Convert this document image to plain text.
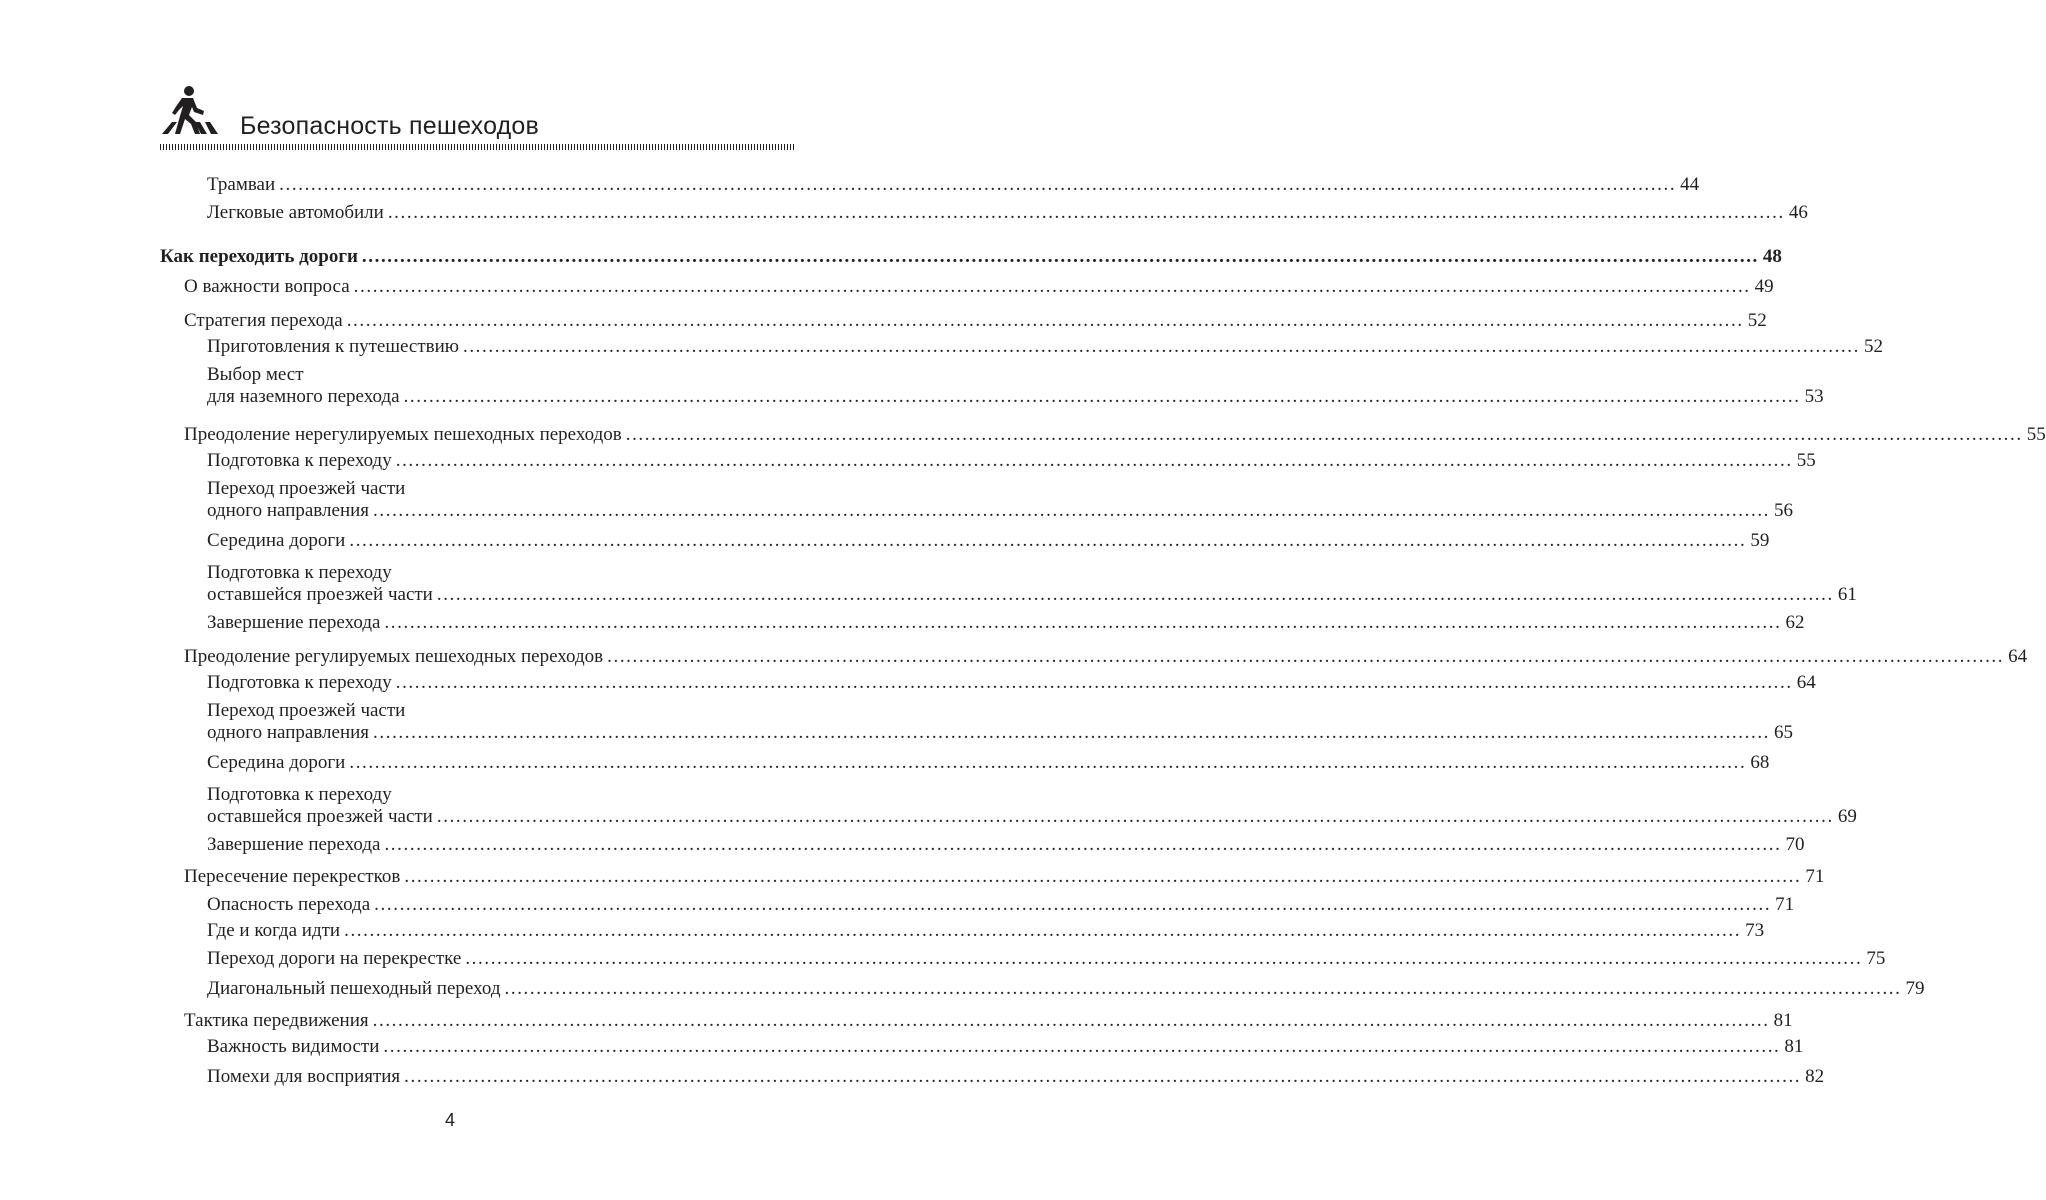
Безопасность пешеходов
Трамваи ............................................................................................................................................................................................................................ 44
Легковые автомобили ............................................................................................................................................................................................................................ 46
Как переходить дороги ............................................................................................................................................................................................................................ 48
О важности вопроса ............................................................................................................................................................................................................................ 49
Стратегия перехода ............................................................................................................................................................................................................................ 52
Приготовления к путешествию ............................................................................................................................................................................................................................ 52
Выбор мест
для наземного перехода ............................................................................................................................................................................................................................ 53
Преодоление нерегулируемых пешеходных переходов ............................................................................................................................................................................................................................ 55
Подготовка к переходу ............................................................................................................................................................................................................................ 55
Переход проезжей части
одного направления ............................................................................................................................................................................................................................ 56
Середина дороги ............................................................................................................................................................................................................................ 59
Подготовка к переходу
оставшейся проезжей части ............................................................................................................................................................................................................................ 61
Завершение перехода ............................................................................................................................................................................................................................ 62
Преодоление регулируемых пешеходных переходов ............................................................................................................................................................................................................................ 64
Подготовка к переходу ............................................................................................................................................................................................................................ 64
Переход проезжей части
одного направления ............................................................................................................................................................................................................................ 65
Середина дороги ............................................................................................................................................................................................................................ 68
Подготовка к переходу
оставшейся проезжей части ............................................................................................................................................................................................................................ 69
Завершение перехода ............................................................................................................................................................................................................................ 70
Пересечение перекрестков ............................................................................................................................................................................................................................ 71
Опасность перехода ............................................................................................................................................................................................................................ 71
Где и когда идти ............................................................................................................................................................................................................................ 73
Переход дороги на перекрестке ............................................................................................................................................................................................................................ 75
Диагональный пешеходный переход ............................................................................................................................................................................................................................ 79
Тактика передвижения ............................................................................................................................................................................................................................ 81
Важность видимости ............................................................................................................................................................................................................................ 81
Помехи для восприятия ............................................................................................................................................................................................................................ 82
4
